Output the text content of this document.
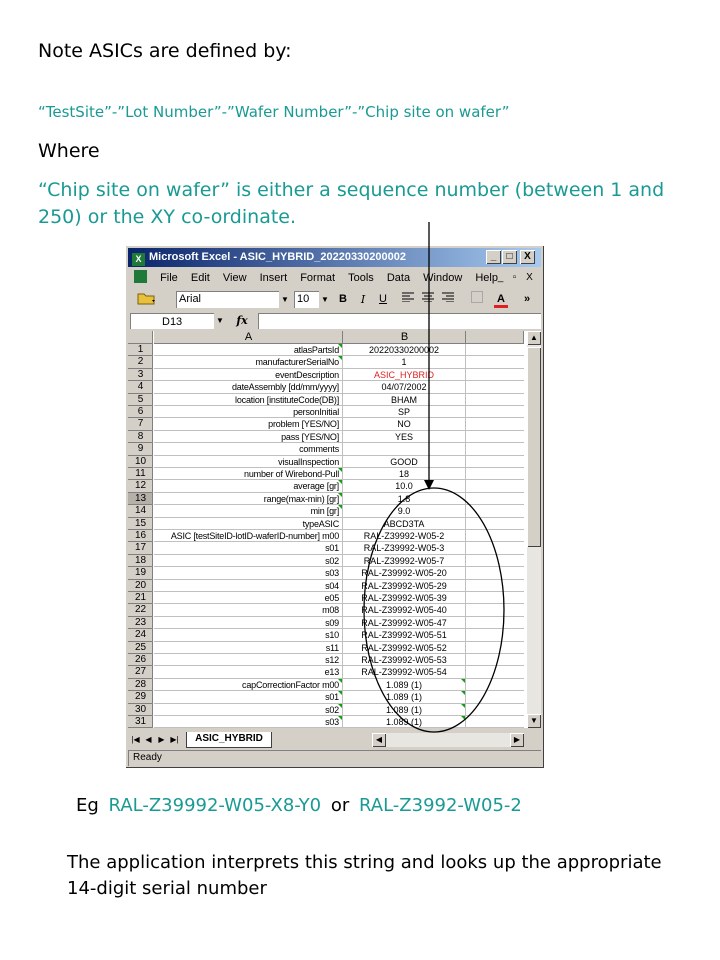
Note ASICs are defined by:
“TestSite”-”Lot Number”-”Wafer Number”-”Chip site on wafer”
Where
“Chip site on wafer” is either a sequence number (between 1 and 250) or the XY co-ordinate.
X Microsoft Excel - ASIC_HYBRID_20220330200002	_	□	X
File Edit View Insert Format Tools Data Window Help _ ▫ X
Arial	▼ 10 ▼ B	I	U	A	»
D13	▼	fx
A	B
1	atlasPartsId	20220330200002
2	manufacturerSerialNo	1
3	eventDescription	ASIC_HYBRID
4	dateAssembly [dd/mm/yyyy]	04/07/2002
5	location [instituteCode(DB)]	BHAM
6	personInitial	SP
7	problem [YES/NO]	NO
8	pass [YES/NO]	YES
9	comments
10	visualInspection	GOOD
11	number of Wirebond-Pull	18
12	average [gr]	10.0
13	range(max-min) [gr]	1.8
14	min [gr]	9.0
15	typeASIC	ABCD3TA
16	ASIC [testSiteID-lotID-waferID-number] m00	RAL-Z39992-W05-2
17	s01	RAL-Z39992-W05-3
18	s02	RAL-Z39992-W05-7
19	s03	RAL-Z39992-W05-20
20	s04	RAL-Z39992-W05-29
21	e05	RAL-Z39992-W05-39
22	m08	RAL-Z39992-W05-40
23	s09	RAL-Z39992-W05-47
24	s10	RAL-Z39992-W05-51
25	s11	RAL-Z39992-W05-52
26	s12	RAL-Z39992-W05-53
27	e13	RAL-Z39992-W05-54
28	capCorrectionFactor m00	1.089 (1)
29	s01	1.089 (1)
30	s02	1.089 (1)
31	s03	1.089 (1)
▲
▼
|◀ ◀ ▶ ▶|	ASIC_HYBRID	◀	▶
Ready
Eg RAL-Z39992-W05-X8-Y0 or RAL-Z3992-W05-2
The application interprets this string and looks up the appropriate 14-digit serial number
